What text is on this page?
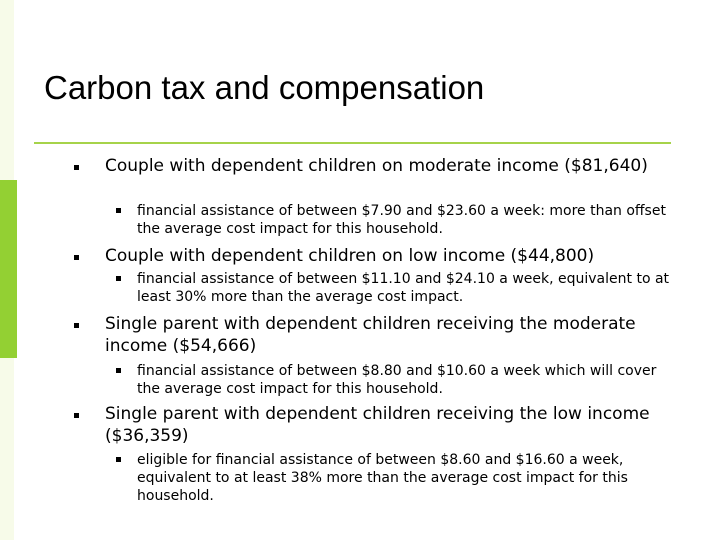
Carbon tax and compensation
Couple with dependent children on moderate income ($81,640)
financial assistance of between $7.90 and $23.60 a week: more than offset the average cost impact for this household.
Couple with dependent children on low income ($44,800)
financial assistance of between $11.10 and $24.10 a week, equivalent to at least 30% more than the average cost impact.
Single parent with dependent children receiving the moderate income ($54,666)
financial assistance of between $8.80 and $10.60 a week which will cover the average cost impact for this household.
Single parent with dependent children receiving the low income ($36,359)
eligible for financial assistance of between $8.60 and $16.60 a week, equivalent to at least 38% more than the average cost impact for this household.
